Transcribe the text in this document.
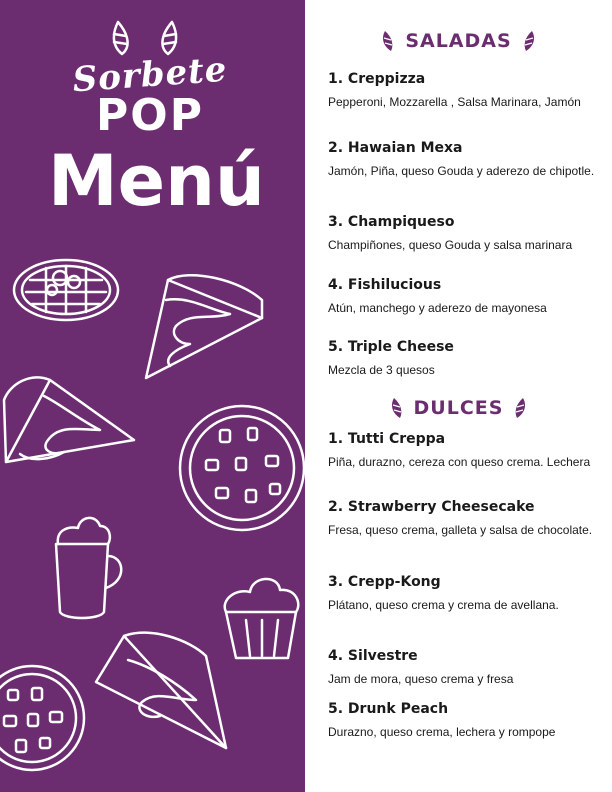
Sorbete
POP
Menú
SALADAS
1. Creppizza
Pepperoni, Mozzarella , Salsa Marinara, Jamón
2. Hawaian Mexa
Jamón, Piña, queso Gouda y aderezo de chipotle.
3. Champiqueso
Champiñones, queso Gouda y salsa marinara
4. Fishilucious
Atún, manchego y aderezo de mayonesa
5. Triple Cheese
Mezcla de 3 quesos
DULCES
1. Tutti Creppa
Piña, durazno, cereza con queso crema. Lechera
2. Strawberry Cheesecake
Fresa, queso crema, galleta y salsa de chocolate.
3. Crepp-Kong
Plátano, queso crema y crema de avellana.
4. Silvestre
Jam de mora, queso crema y fresa
5. Drunk Peach
Durazno, queso crema, lechera y rompope
